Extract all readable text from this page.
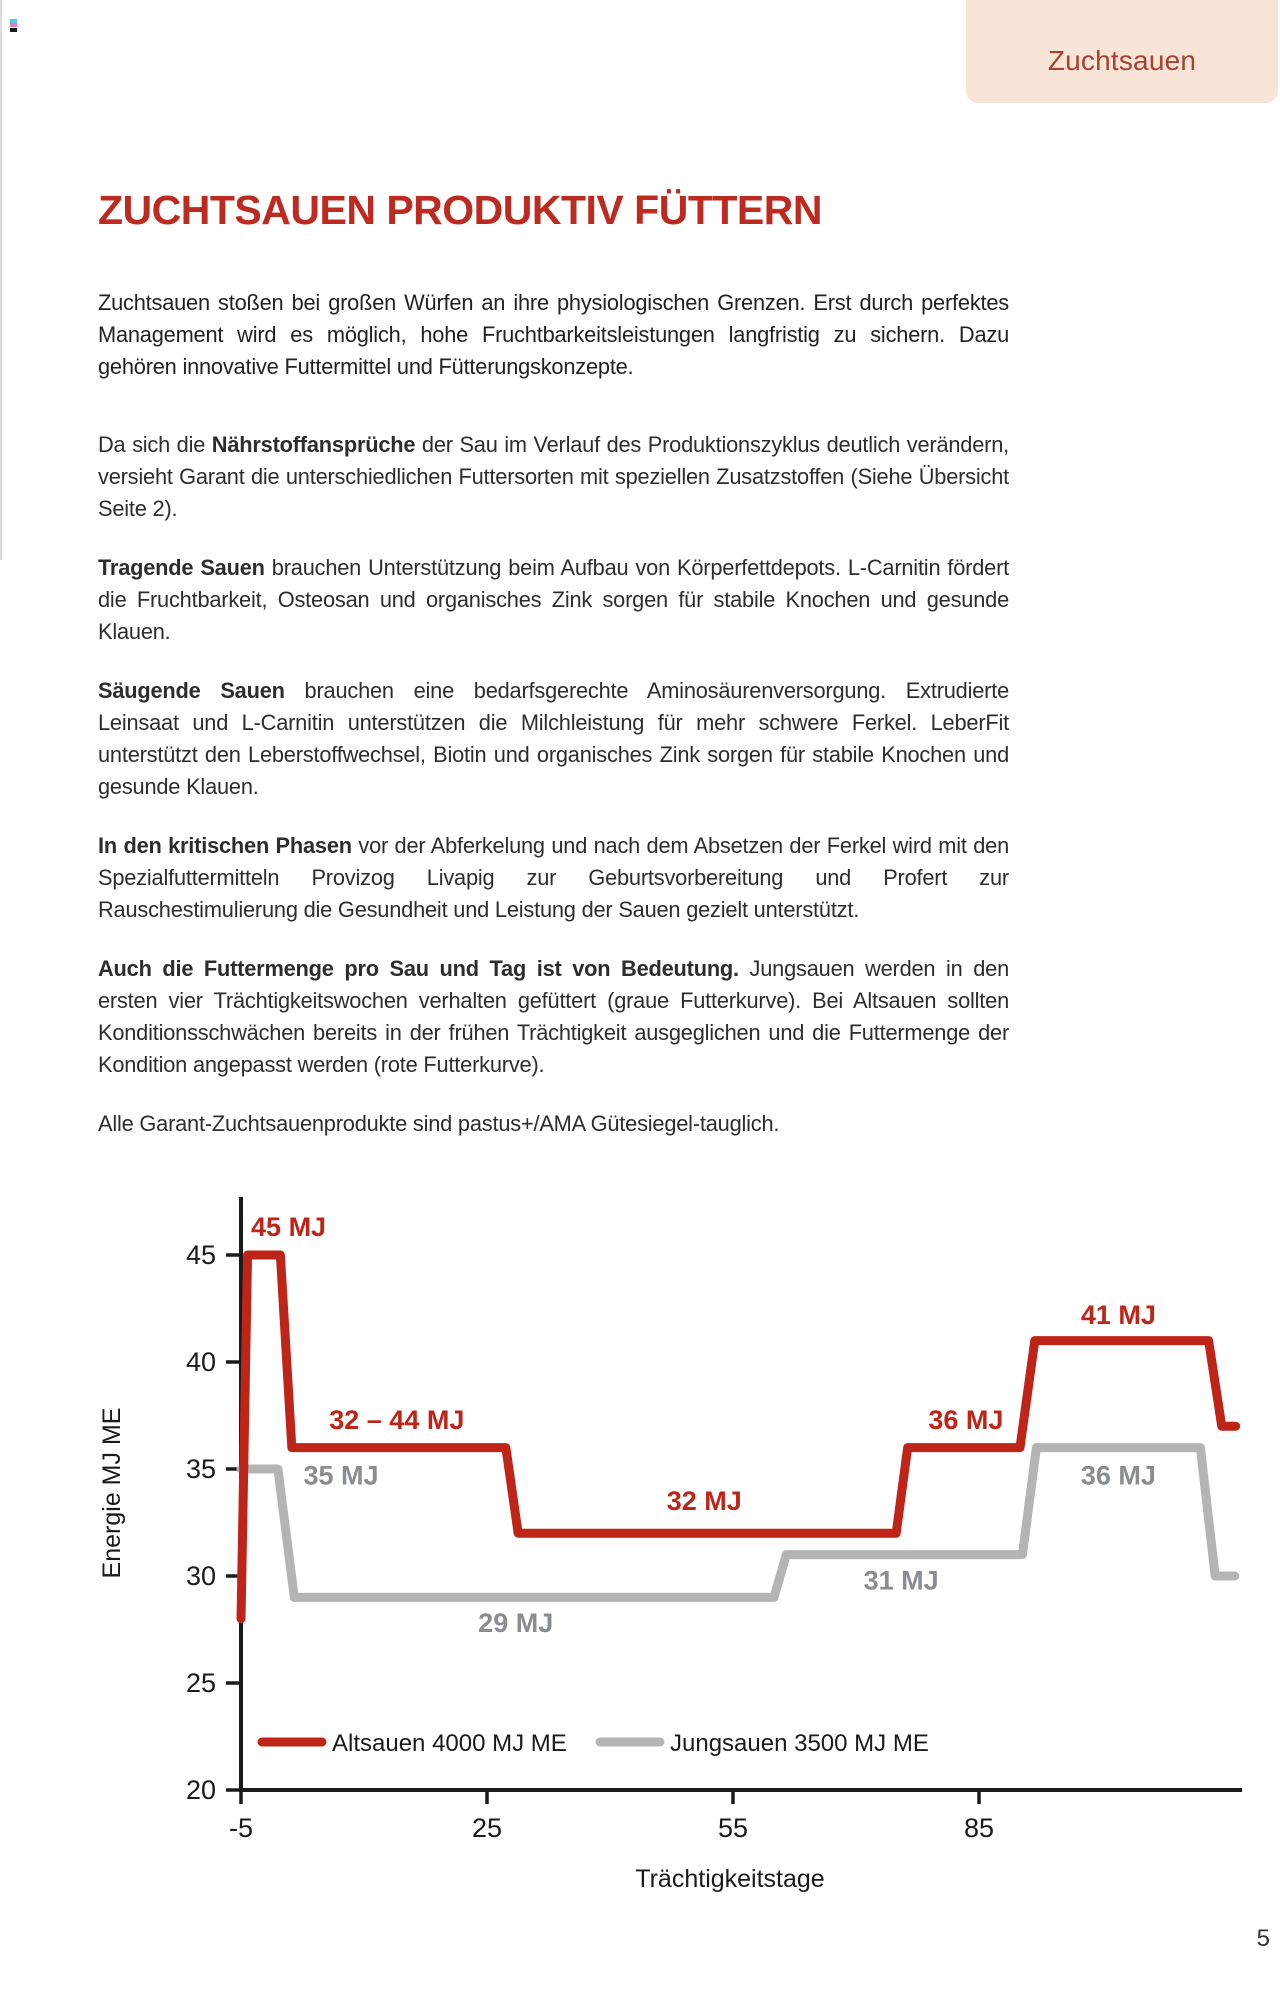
Zuchtsauen
ZUCHTSAUEN PRODUKTIV FÜTTERN

Zuchtsauen stoßen bei großen Würfen an ihre physiologischen Grenzen. Erst durch perfektes Management wird es möglich, hohe Fruchtbarkeitsleistungen langfristig zu sichern. Dazu gehören innovative Futtermittel und Fütterungskonzepte.

Da sich die Nährstoffansprüche der Sau im Verlauf des Produktionszyklus deutlich verändern, versieht Garant die unterschiedlichen Futtersorten mit speziellen Zusatzstoffen (Siehe Übersicht Seite 2).

Tragende Sauen brauchen Unterstützung beim Aufbau von Körperfettdepots. L-Carnitin fördert die Fruchtbarkeit, Osteosan und organisches Zink sorgen für stabile Knochen und gesunde Klauen.

Säugende Sauen brauchen eine bedarfsgerechte Aminosäurenversorgung. Extrudierte Leinsaat und L-Carnitin unterstützen die Milchleistung für mehr schwere Ferkel. LeberFit unterstützt den Leberstoffwechsel, Biotin und organisches Zink sorgen für stabile Knochen und gesunde Klauen.

In den kritischen Phasen vor der Abferkelung und nach dem Absetzen der Ferkel wird mit den Spezialfuttermitteln Provizog Livapig zur Geburtsvorbereitung und Profert zur Rauschestimulierung die Gesundheit und Leistung der Sauen gezielt unterstützt.

Auch die Futtermenge pro Sau und Tag ist von Bedeutung. Jungsauen werden in den ersten vier Trächtigkeitswochen verhalten gefüttert (graue Futterkurve). Bei Altsauen sollten Konditionsschwächen bereits in der frühen Trächtigkeit ausgeglichen und die Futtermenge der Kondition angepasst werden (rote Futterkurve).

Alle Garant-Zuchtsauenprodukte sind pastus+/AMA Gütesiegel-tauglich.

20
25
30
35
40
45
-5	25	55	85
Energie MJ ME
Trächtigkeitstage
45 MJ
32 – 44 MJ
35 MJ
32 MJ
29 MJ
31 MJ
36 MJ
41 MJ
36 MJ
Altsauen 4000 MJ ME	Jungsauen 3500 MJ ME
5
